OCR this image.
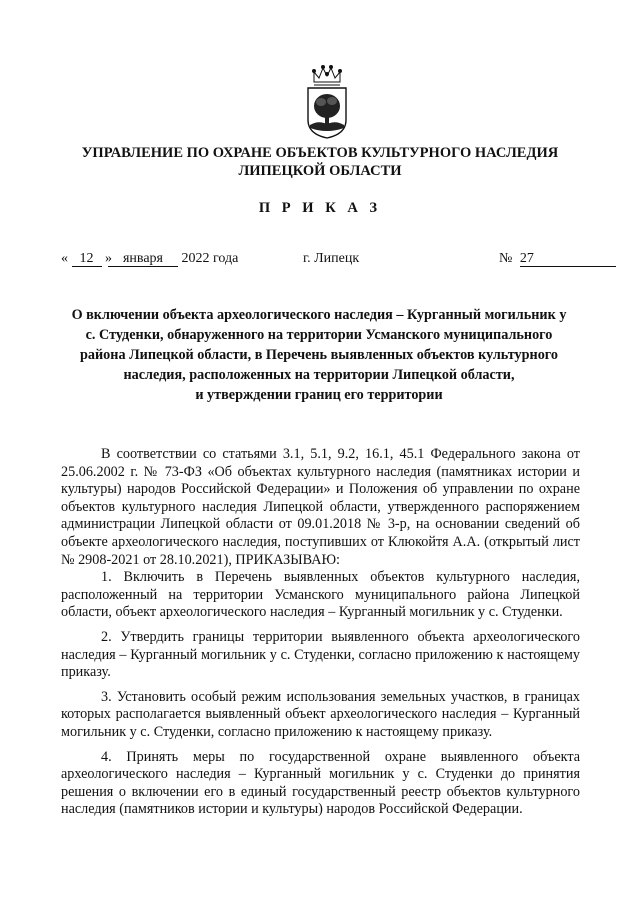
УПРАВЛЕНИЕ ПО ОХРАНЕ ОБЪЕКТОВ КУЛЬТУРНОГО НАСЛЕДИЯ
ЛИПЕЦКОЙ ОБЛАСТИ
П Р И К А З
« 12 » января 2022 года	г. Липецк	№ 27
О включении объекта археологического наследия – Курганный могильник у
с. Студенки, обнаруженного на территории Усманского муниципального
района Липецкой области, в Перечень выявленных объектов культурного
наследия, расположенных на территории Липецкой области,
и утверждении границ его территории

В соответствии со статьями 3.1, 5.1, 9.2, 16.1, 45.1 Федерального закона от 25.06.2002 г. № 73-ФЗ «Об объектах культурного наследия (памятниках истории и культуры) народов Российской Федерации» и Положения об управлении по охране объектов культурного наследия Липецкой области, утвержденного распоряжением администрации Липецкой области от 09.01.2018 № 3-р, на основании сведений об объекте археологического наследия, поступивших от Клюкойтя А.А. (открытый лист № 2908-2021 от 28.10.2021), ПРИКАЗЫВАЮ:

1. Включить в Перечень выявленных объектов культурного наследия, расположенный на территории Усманского муниципального района Липецкой области, объект археологического наследия – Курганный могильник у с. Студенки.

2. Утвердить границы территории выявленного объекта археологического наследия – Курганный могильник у с. Студенки, согласно приложению к настоящему приказу.

3. Установить особый режим использования земельных участков, в границах которых располагается выявленный объект археологического наследия – Курганный могильник у с. Студенки, согласно приложению к настоящему приказу.

4. Принять меры по государственной охране выявленного объекта археологического наследия – Курганный могильник у с. Студенки до принятия решения о включении его в единый государственный реестр объектов культурного наследия (памятников истории и культуры) народов Российской Федерации.
